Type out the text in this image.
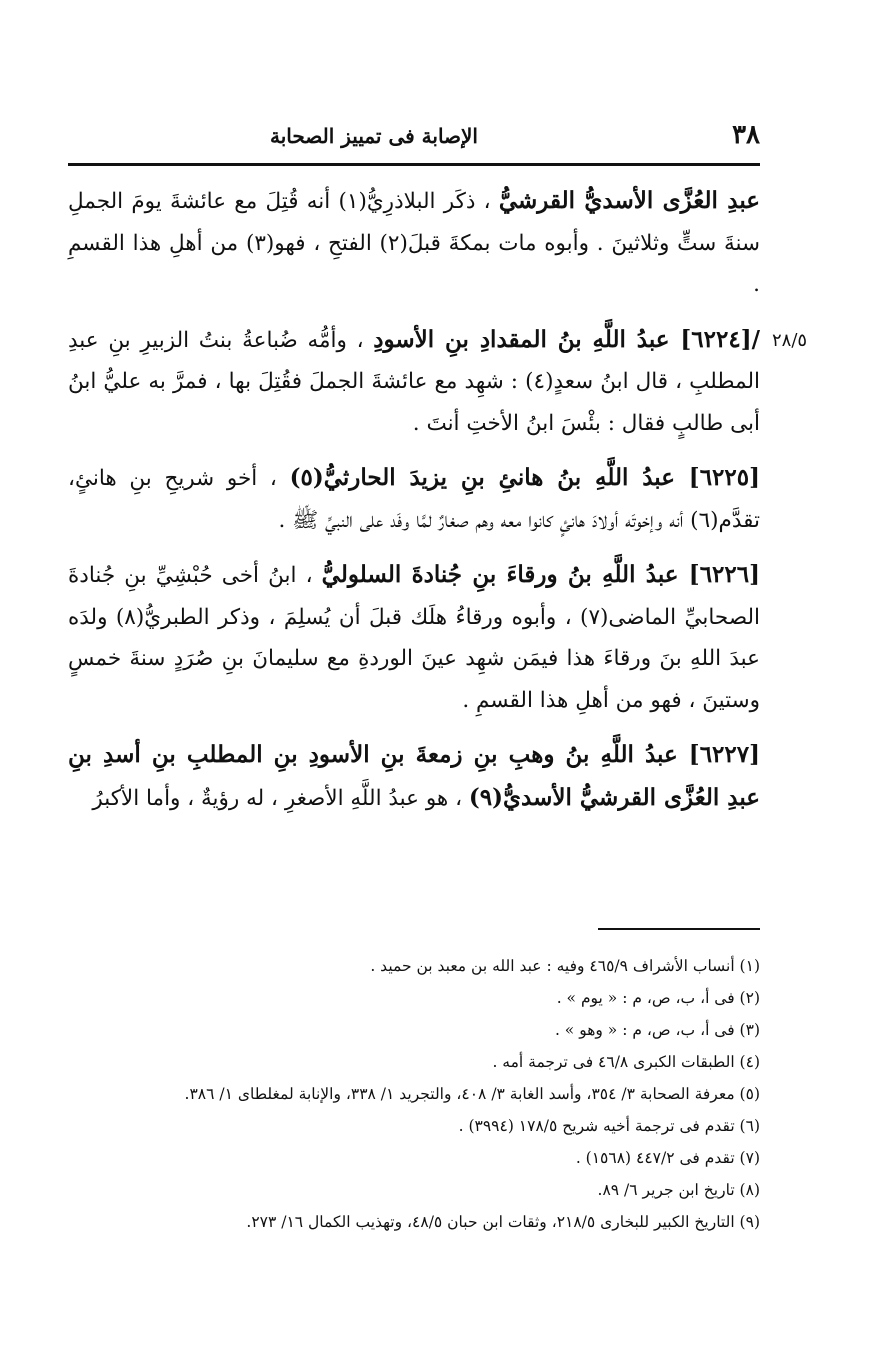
٣٨
الإصابة فى تمييز الصحابة
٢٨/٥

عبدِ العُزَّى الأسديُّ القرشيُّ ، ذكَر البلاذرِيُّ(١) أنه قُتِلَ مع عائشةَ يومَ الجملِ سنةَ ستٍّ وثلاثينَ . وأبوه مات بمكةَ قبلَ(٢) الفتحِ ، فهو(٣) من أهلِ هذا القسمِ .

/[٦٢٢٤] عبدُ اللَّهِ بنُ المقدادِ بنِ الأسودِ ، وأمُّه ضُباعةُ بنتُ الزبيرِ بنِ عبدِ المطلبِ ، قال ابنُ سعدٍ(٤) : شهِد مع عائشةَ الجملَ فقُتِلَ بها ، فمرَّ به عليُّ ابنُ أبى طالبٍ فقال : بئْسَ ابنُ الأختِ أنتَ .

[٦٢٢٥] عبدُ اللَّهِ بنُ هانئِ بنِ يزيدَ الحارثيُّ(٥) ، أخو شريحِ بنِ هانئٍ، تقدَّم(٦) أنه وإخوتَه أولادَ هانئٍ كانوا معه وهم صغارٌ لمَّا وفَد على النبيِّ ﷺ .

[٦٢٢٦] عبدُ اللَّهِ بنُ ورقاءَ بنِ جُنادةَ السلوليُّ ، ابنُ أخى حُبْشِيِّ بنِ جُنادةَ الصحابيِّ الماضى(٧) ، وأبوه ورقاءُ هلَك قبلَ أن يُسلِمَ ، وذكر الطبريُّ(٨) ولدَه عبدَ اللهِ بنَ ورقاءَ هذا فيمَن شهِد عينَ الوردةِ مع سليمانَ بنِ صُرَدٍ سنةَ خمسٍ وستينَ ، فهو من أهلِ هذا القسمِ .

[٦٢٢٧] عبدُ اللَّهِ بنُ وهبِ بنِ زمعةَ بنِ الأسودِ بنِ المطلبِ بنِ أسدِ بنِ عبدِ العُزَّى القرشيُّ الأسديُّ(٩) ، هو عبدُ اللَّهِ الأصغرِ ، له رؤيةٌ ، وأما الأكبرُ

(١) أنساب الأشراف ٤٦٥/٩ وفيه : عبد الله بن معبد بن حميد .
(٢) فى أ، ب، ص، م : « يوم » .
(٣) فى أ، ب، ص، م : « وهو » .
(٤) الطبقات الكبرى ٤٦/٨ فى ترجمة أمه .
(٥) معرفة الصحابة ٣/ ٣٥٤، وأسد الغابة ٣/ ٤٠٨، والتجريد ١/ ٣٣٨، والإنابة لمغلطاى ١/ ٣٨٦.
(٦) تقدم فى ترجمة أخيه شريح ١٧٨/٥ (٣٩٩٤) .
(٧) تقدم فى ٤٤٧/٢ (١٥٦٨) .
(٨) تاريخ ابن جرير ٦/ ٨٩.
(٩) التاريخ الكبير للبخارى ٢١٨/٥، وثقات ابن حبان ٤٨/٥، وتهذيب الكمال ١٦/ ٢٧٣.
